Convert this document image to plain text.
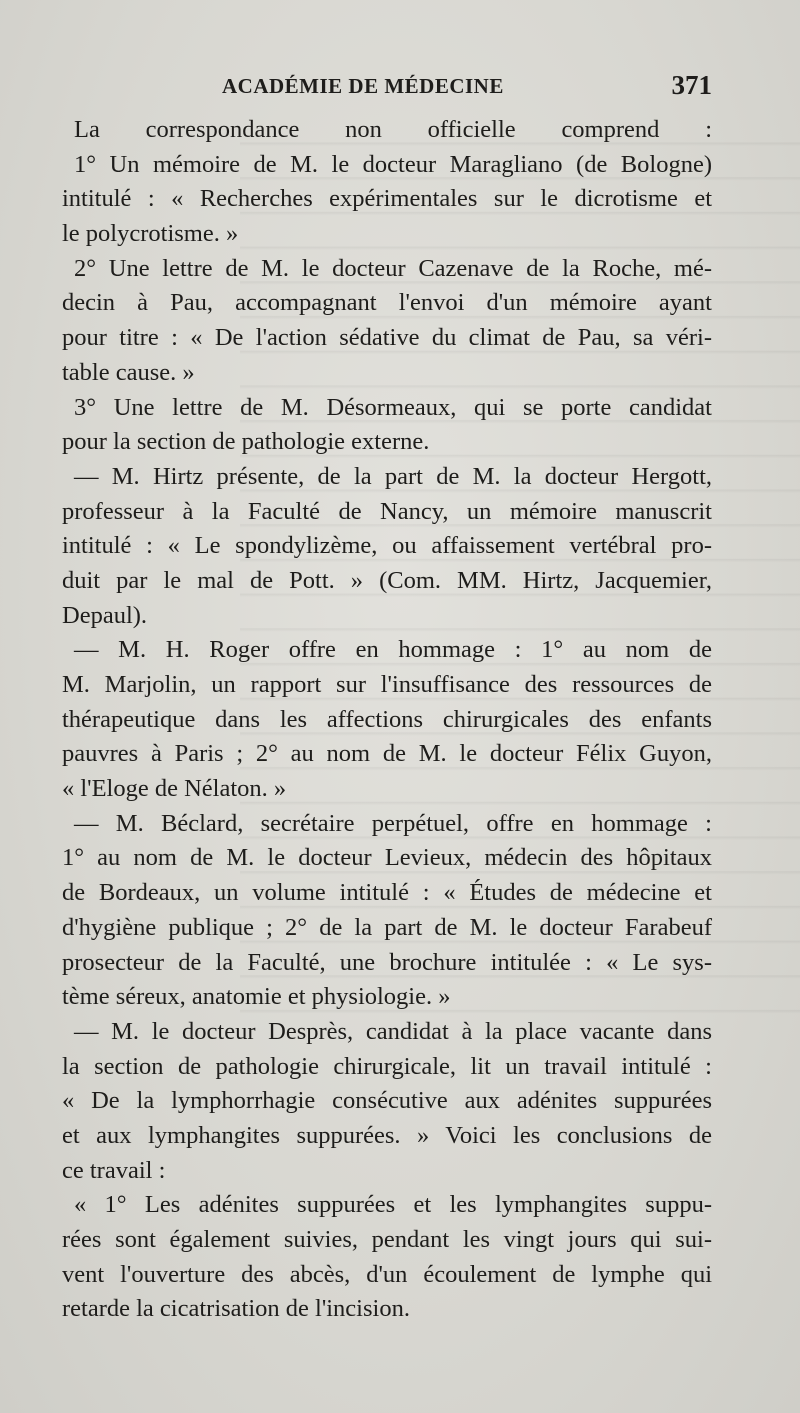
ACADÉMIE DE MÉDECINE	371
La correspondance non officielle comprend :
1° Un mémoire de M. le docteur Maragliano (de Bologne)
intitulé : « Recherches expérimentales sur le dicrotisme et
le polycrotisme. »
2° Une lettre de M. le docteur Cazenave de la Roche, mé-
decin à Pau, accompagnant l'envoi d'un mémoire ayant
pour titre : « De l'action sédative du climat de Pau, sa véri-
table cause. »
3° Une lettre de M. Désormeaux, qui se porte candidat
pour la section de pathologie externe.
— M. Hirtz présente, de la part de M. la docteur Hergott,
professeur à la Faculté de Nancy, un mémoire manuscrit
intitulé : « Le spondylizème, ou affaissement vertébral pro-
duit par le mal de Pott. » (Com. MM. Hirtz, Jacquemier,
Depaul).
— M. H. Roger offre en hommage : 1° au nom de
M. Marjolin, un rapport sur l'insuffisance des ressources de
thérapeutique dans les affections chirurgicales des enfants
pauvres à Paris ; 2° au nom de M. le docteur Félix Guyon,
« l'Eloge de Nélaton. »
— M. Béclard, secrétaire perpétuel, offre en hommage :
1° au nom de M. le docteur Levieux, médecin des hôpitaux
de Bordeaux, un volume intitulé : « Études de médecine et
d'hygiène publique ; 2° de la part de M. le docteur Farabeuf
prosecteur de la Faculté, une brochure intitulée : « Le sys-
tème séreux, anatomie et physiologie. »
— M. le docteur Desprès, candidat à la place vacante dans
la section de pathologie chirurgicale, lit un travail intitulé :
« De la lymphorrhagie consécutive aux adénites suppurées
et aux lymphangites suppurées. » Voici les conclusions de
ce travail :
« 1° Les adénites suppurées et les lymphangites suppu-
rées sont également suivies, pendant les vingt jours qui sui-
vent l'ouverture des abcès, d'un écoulement de lymphe qui
retarde la cicatrisation de l'incision.
